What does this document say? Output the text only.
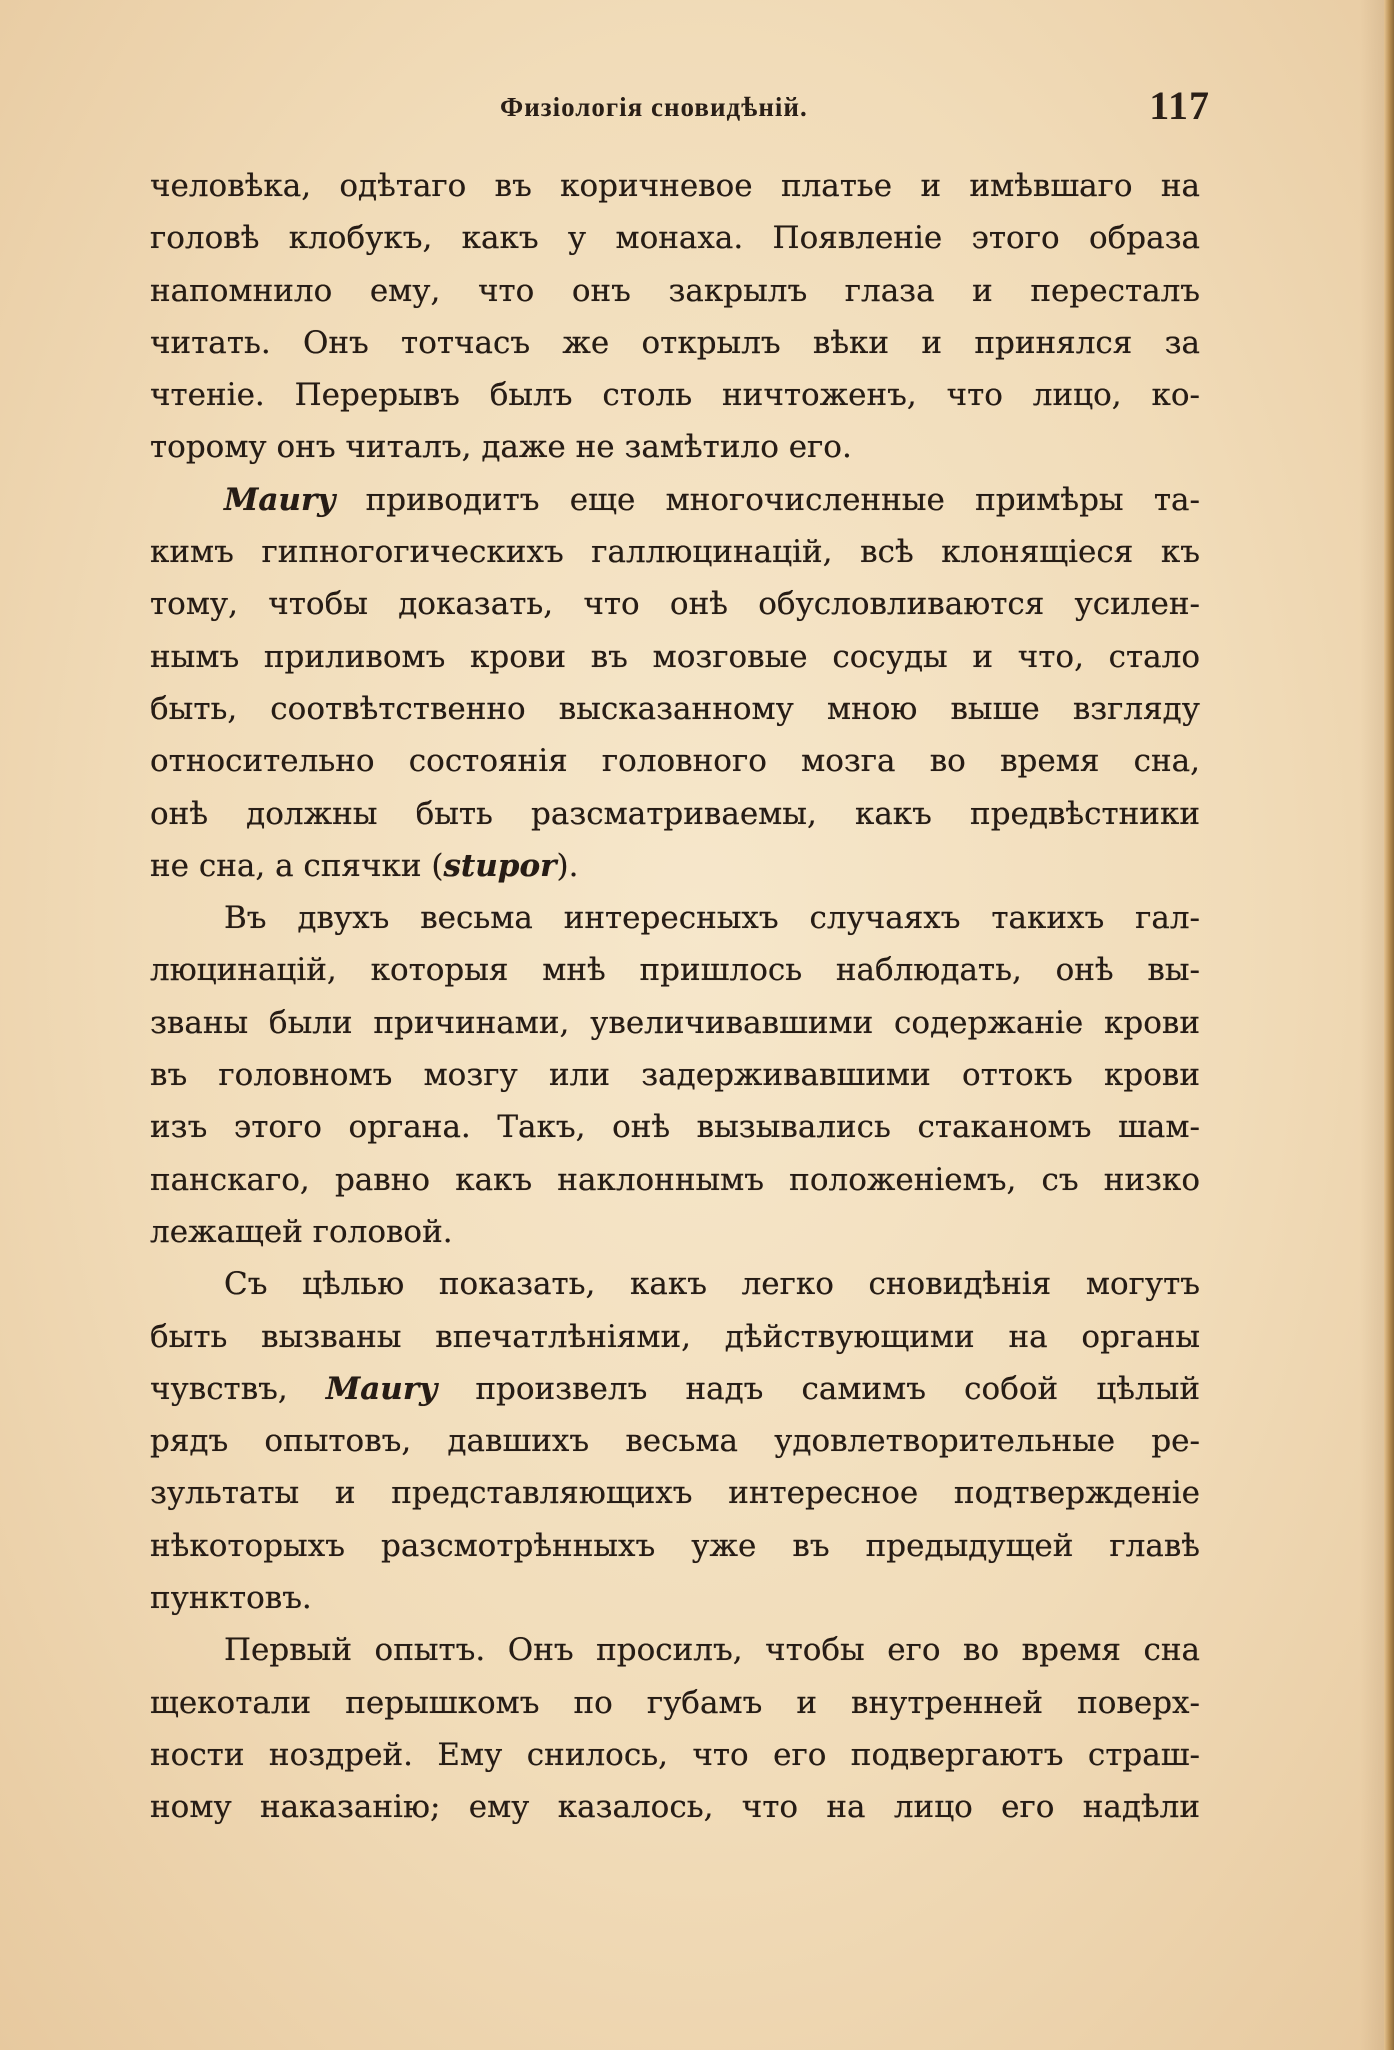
Физiологiя сновидѣнiй.	117
человѣка, одѣтаго въ коричневое платье и имѣвшаго на
головѣ клобукъ, какъ у монаха. Появленiе этого образа
напомнило ему, что онъ закрылъ глаза и пересталъ
читать. Онъ тотчасъ же открылъ вѣки и принялся за
чтенiе. Перерывъ былъ столь ничтоженъ, что лицо, ко-
торому онъ читалъ, даже не замѣтило его.
Maury приводитъ еще многочисленные примѣры та-
кимъ гипногогическихъ галлюцинацiй, всѣ клонящiеся къ
тому, чтобы доказать, что онѣ обусловливаются усилен-
нымъ приливомъ крови въ мозговые сосуды и что, стало
быть, соотвѣтственно высказанному мною выше взгляду
относительно состоянiя головного мозга во время сна,
онѣ должны быть разсматриваемы, какъ предвѣстники
не сна, а спячки (stupor).
Въ двухъ весьма интересныхъ случаяхъ такихъ гал-
люцинацiй, которыя мнѣ пришлось наблюдать, онѣ вы-
званы были причинами, увеличивавшими содержанiе крови
въ головномъ мозгу или задерживавшими оттокъ крови
изъ этого органа. Такъ, онѣ вызывались стаканомъ шам-
панскаго, равно какъ наклоннымъ положенiемъ, съ низко
лежащей головой.
Съ цѣлью показать, какъ легко сновидѣнiя могутъ
быть вызваны впечатлѣнiями, дѣйствующими на органы
чувствъ, Maury произвелъ надъ самимъ собой цѣлый
рядъ опытовъ, давшихъ весьма удовлетворительные ре-
зультаты и представляющихъ интересное подтвержденiе
нѣкоторыхъ разсмотрѣнныхъ уже въ предыдущей главѣ
пунктовъ.
Первый опытъ. Онъ просилъ, чтобы его во время сна
щекотали перышкомъ по губамъ и внутренней поверх-
ности ноздрей. Ему снилось, что его подвергаютъ страш-
ному наказанiю; ему казалось, что на лицо его надѣли
